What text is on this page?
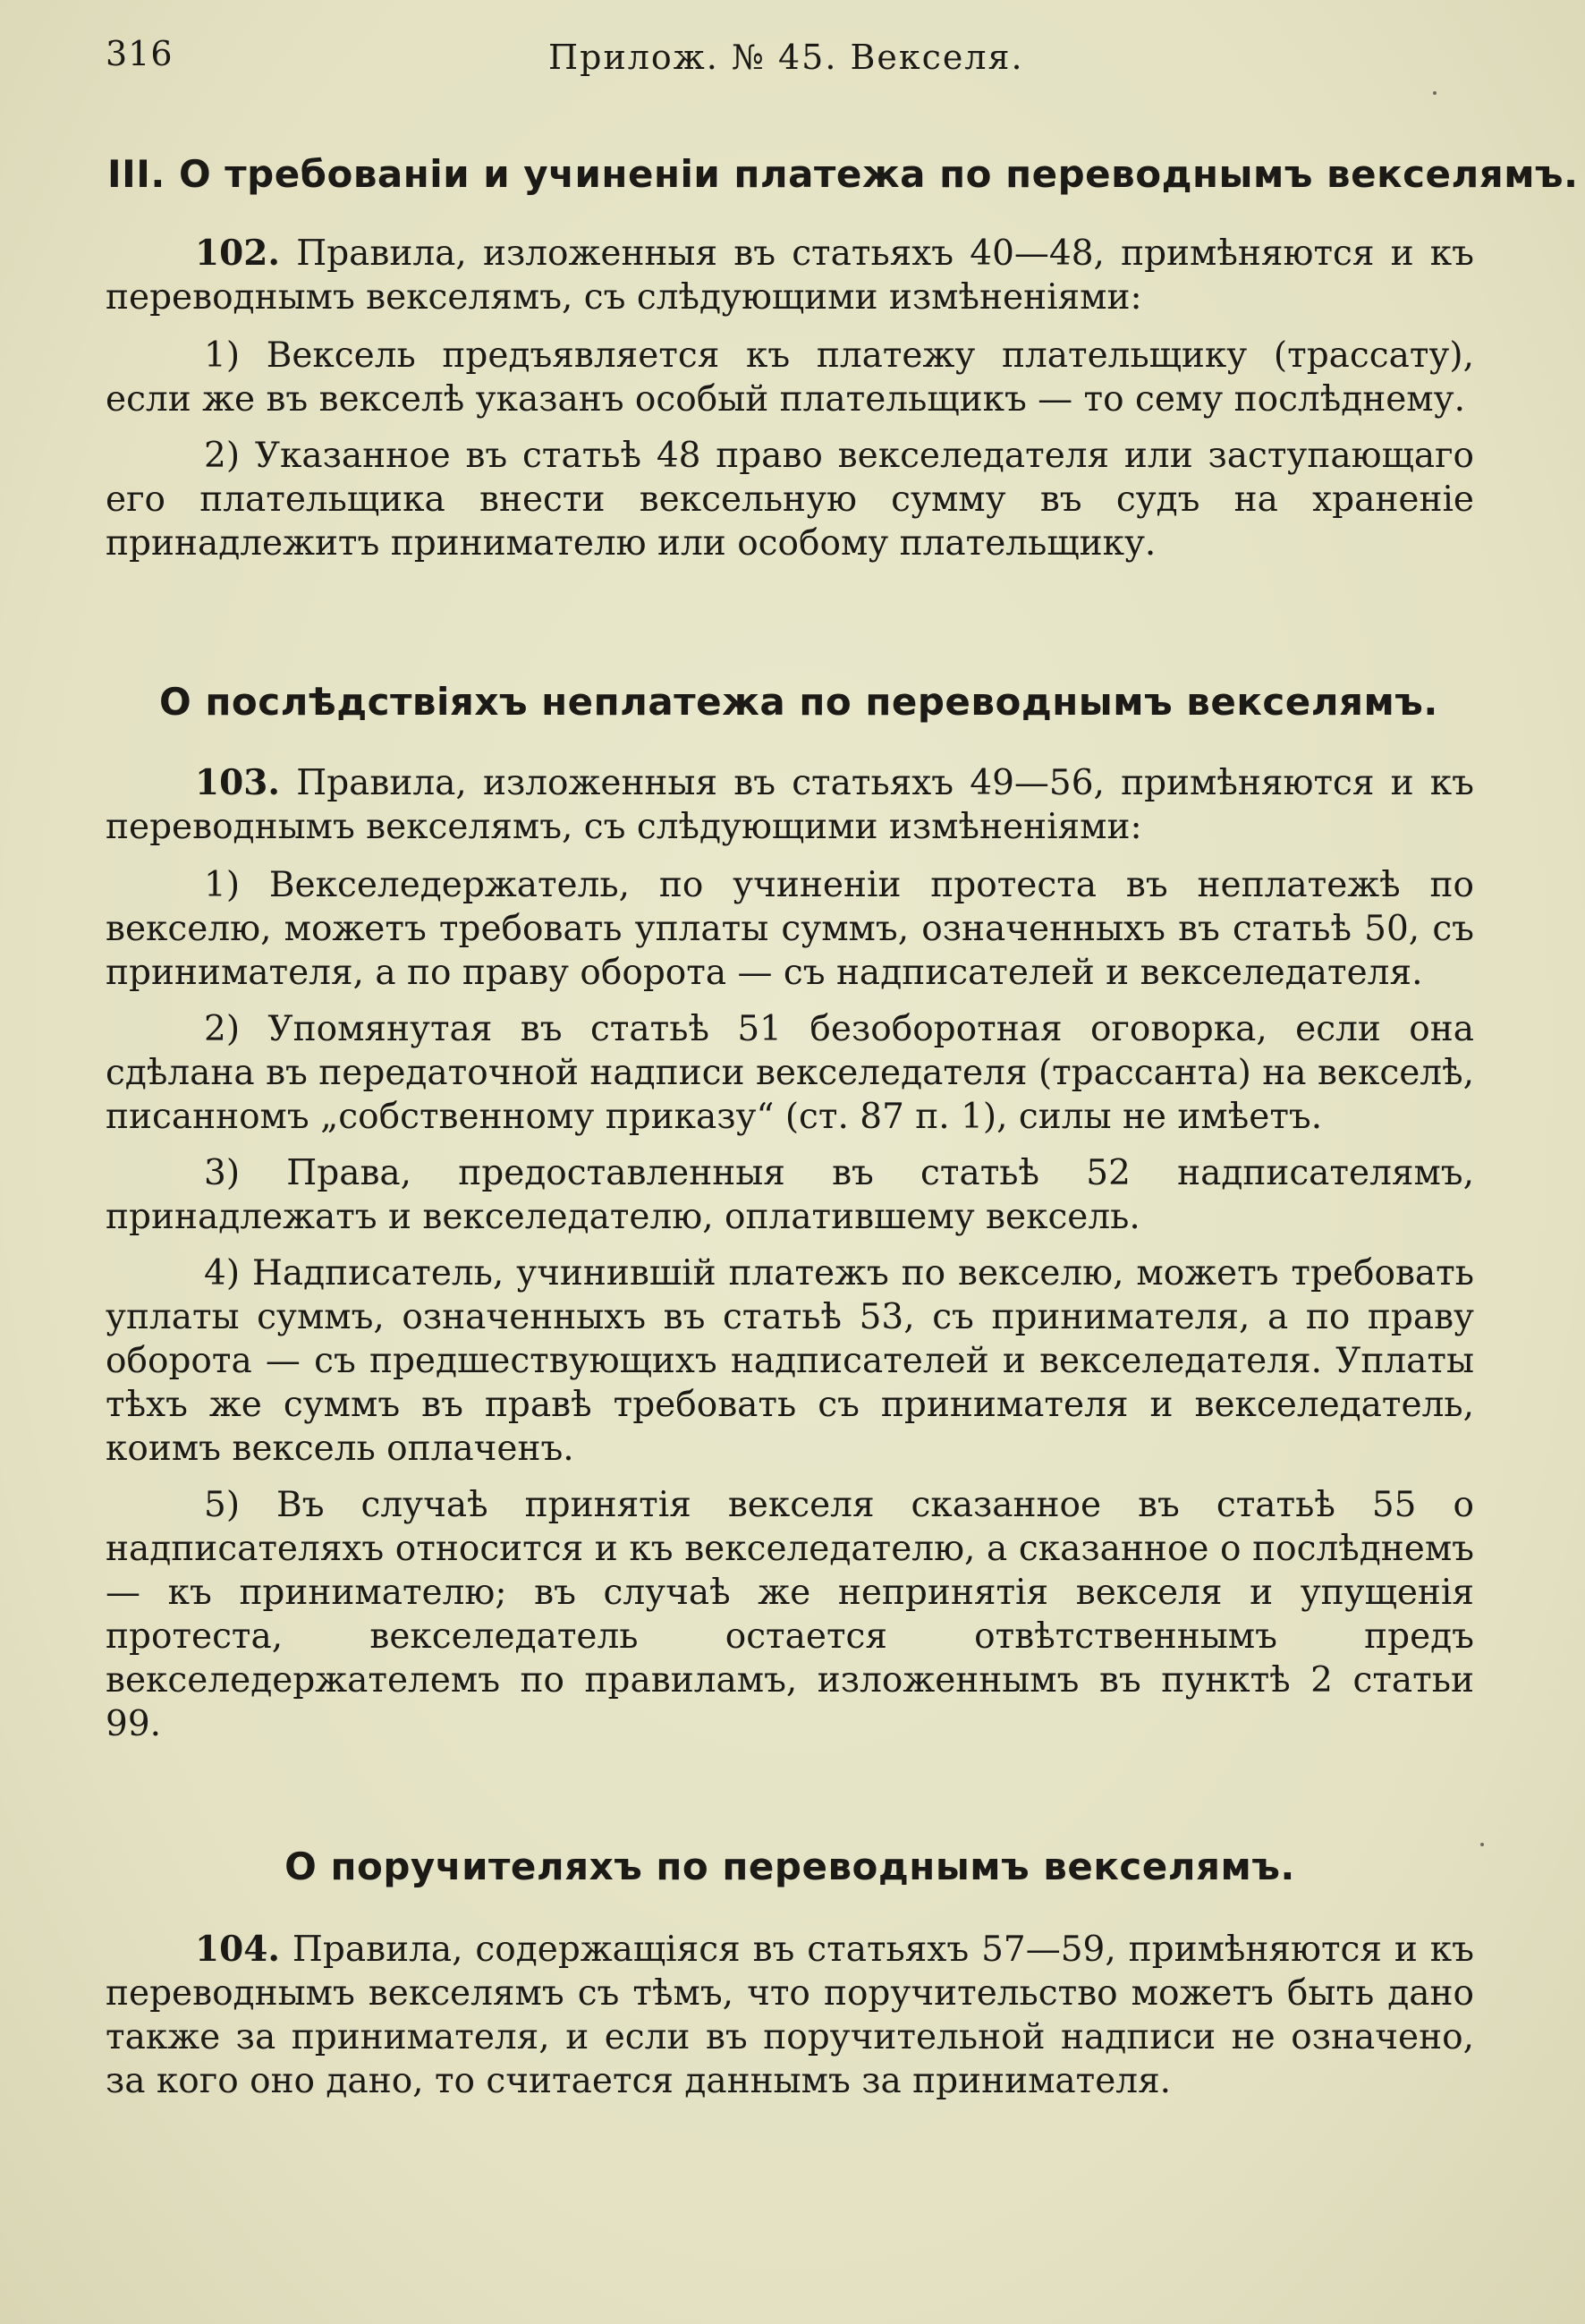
316	Прилож. № 45. Векселя.
III. О требованіи и учиненіи платежа по переводнымъ векселямъ.

102. Правила, изложенныя въ статьяхъ 40—48, примѣняются и къ переводнымъ векселямъ, съ слѣдующими измѣненіями:

1) Вексель предъявляется къ платежу плательщику (трассату), если же въ векселѣ указанъ особый плательщикъ — то сему послѣднему.

2) Указанное въ статьѣ 48 право векселедателя или заступающаго его плательщика внести вексельную сумму въ судъ на храненіе принадлежитъ принимателю или особому плательщику.

О послѣдствіяхъ неплатежа по переводнымъ векселямъ.

103. Правила, изложенныя въ статьяхъ 49—56, примѣняются и къ переводнымъ векселямъ, съ слѣдующими измѣненіями:

1) Векселедержатель, по учиненіи протеста въ неплатежѣ по векселю, можетъ требовать уплаты суммъ, означенныхъ въ статьѣ 50, съ принимателя, а по праву оборота — съ надписателей и векселедателя.

2) Упомянутая въ статьѣ 51 безоборотная оговорка, если она сдѣлана въ передаточной надписи векселедателя (трассанта) на векселѣ, писанномъ „собственному приказу“ (ст. 87 п. 1), силы не имѣетъ.

3) Права, предоставленныя въ статьѣ 52 надписателямъ, принадлежатъ и векселедателю, оплатившему вексель.

4) Надписатель, учинившій платежъ по векселю, можетъ требовать уплаты суммъ, означенныхъ въ статьѣ 53, съ принимателя, а по праву оборота — съ предшествующихъ надписателей и векселедателя. Уплаты тѣхъ же суммъ въ правѣ требовать съ принимателя и векселедатель, коимъ вексель оплаченъ.

5) Въ случаѣ принятія векселя сказанное въ статьѣ 55 о надписателяхъ относится и къ векселедателю, а сказанное о послѣднемъ — къ принимателю; въ случаѣ же непринятія векселя и упущенія протеста, векселедатель остается отвѣтственнымъ предъ векселедержателемъ по правиламъ, изложеннымъ въ пунктѣ 2 статьи 99.

О поручителяхъ по переводнымъ векселямъ.

104. Правила, содержащіяся въ статьяхъ 57—59, примѣняются и къ переводнымъ векселямъ съ тѣмъ, что поручительство можетъ быть дано также за принимателя, и если въ поручительной надписи не означено, за кого оно дано, то считается даннымъ за принимателя.
